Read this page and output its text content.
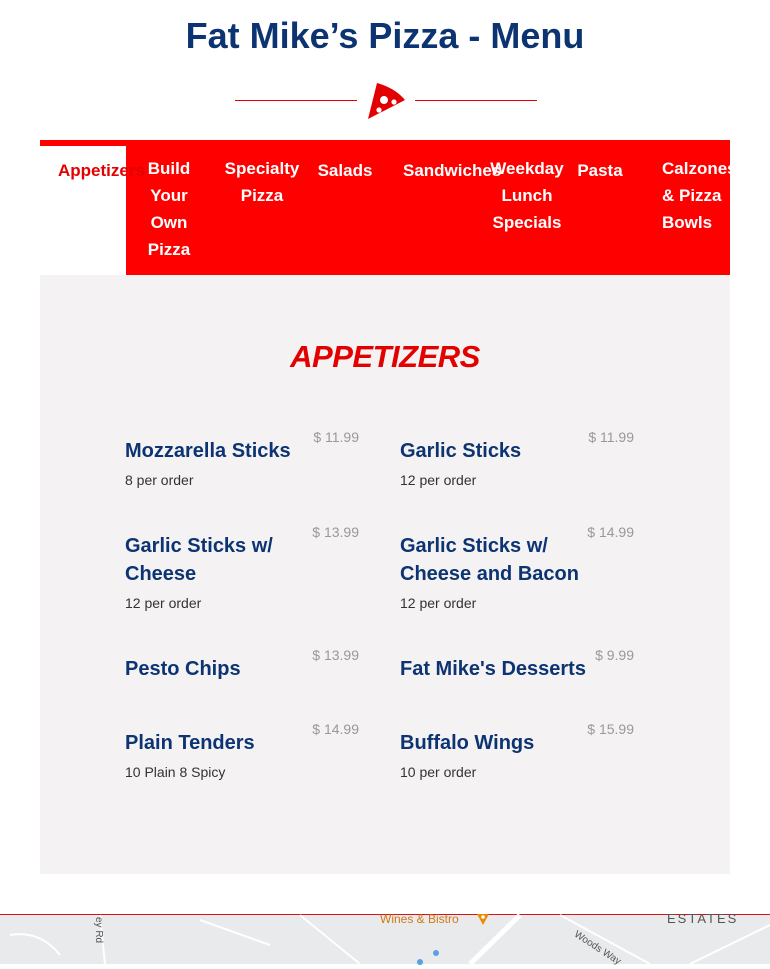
Fat Mike’s Pizza - Menu
Appetizers Build Your Own Pizza
Specialty Pizza
Salads	Sandwiches
Weekday Lunch Specials
Pasta	Calzones & Pizza Bowls
APPETIZERS

Mozzarella Sticks

8 per order
$ 11.99

Garlic Sticks

12 per order
$ 11.99

Garlic Sticks w/ Cheese

12 per order
$ 13.99

Garlic Sticks w/ Cheese and Bacon

12 per order
$ 14.99

Pesto Chips

$ 13.99

Fat Mike's Desserts

$ 9.99

Plain Tenders

10 Plain 8 Spicy
$ 14.99

Buffalo Wings

10 per order
$ 15.99
Wines & Bistro	ESTATES
Woods Way
ey Rd
